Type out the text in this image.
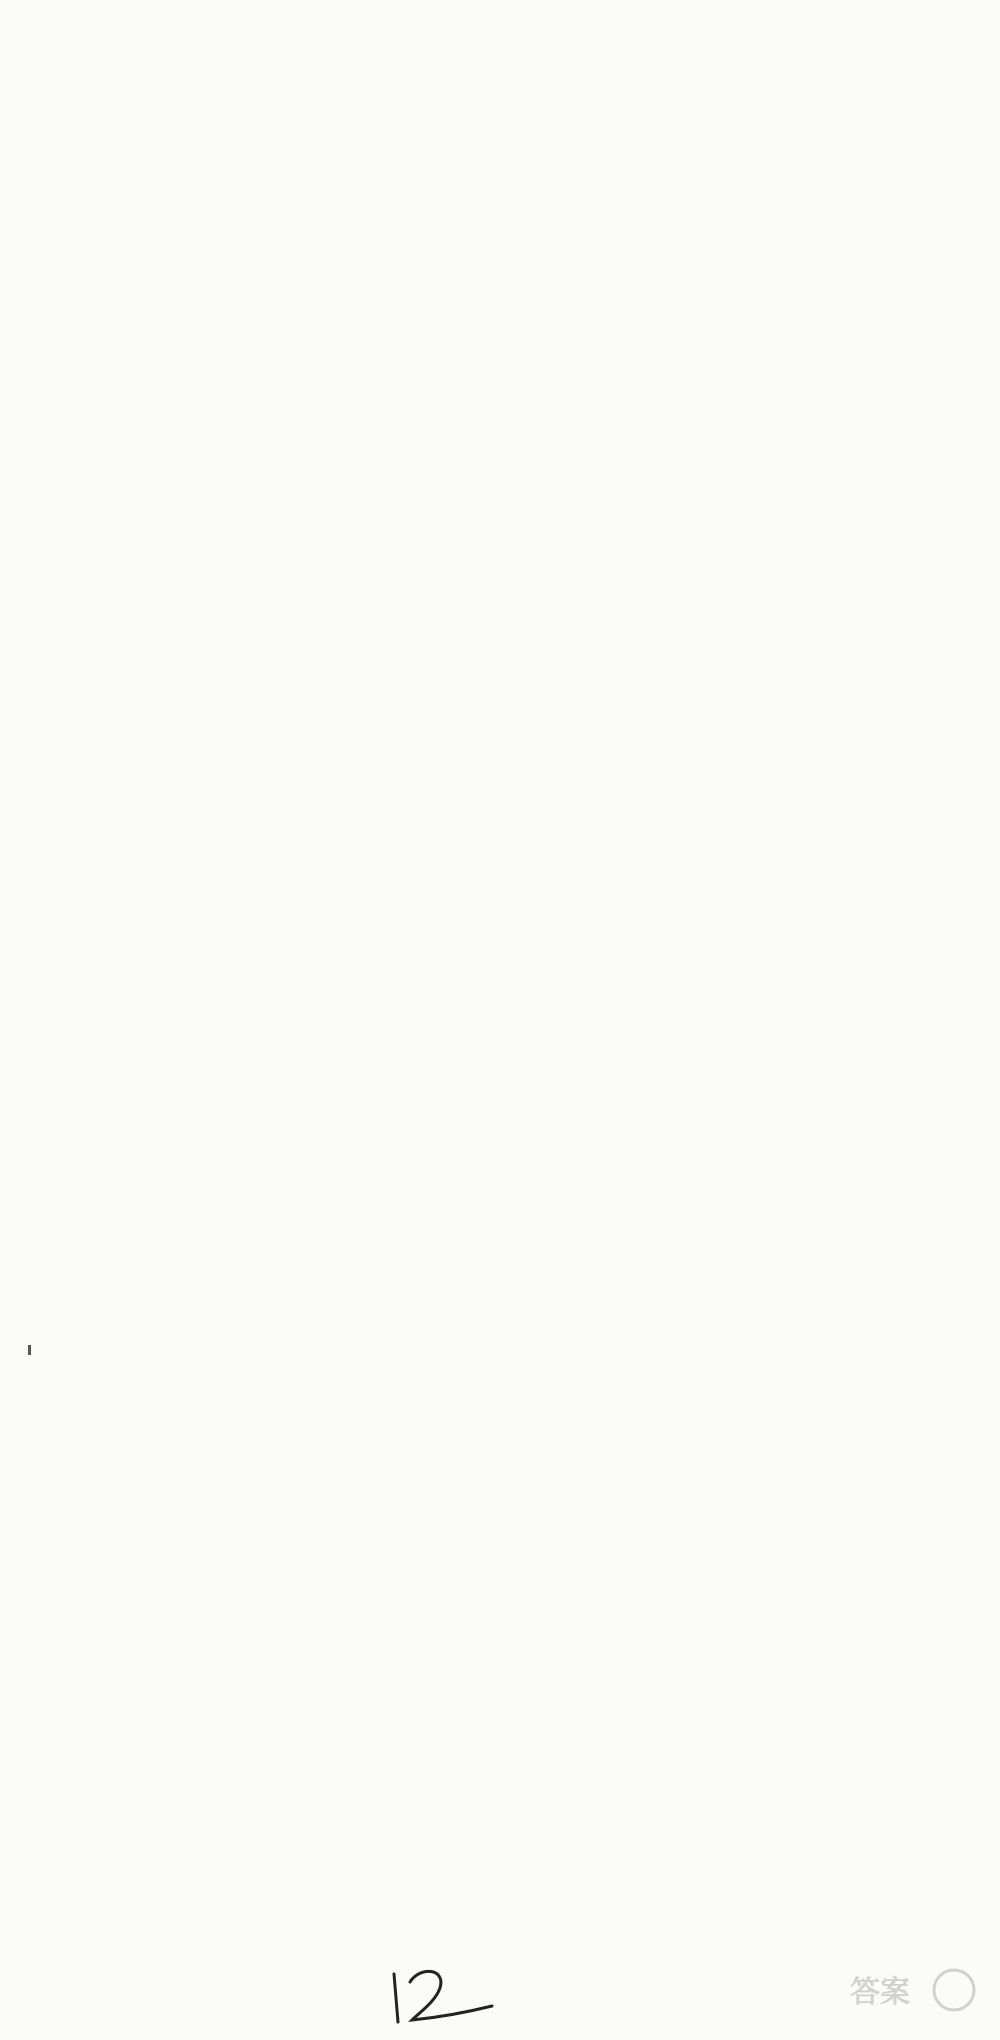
答案
